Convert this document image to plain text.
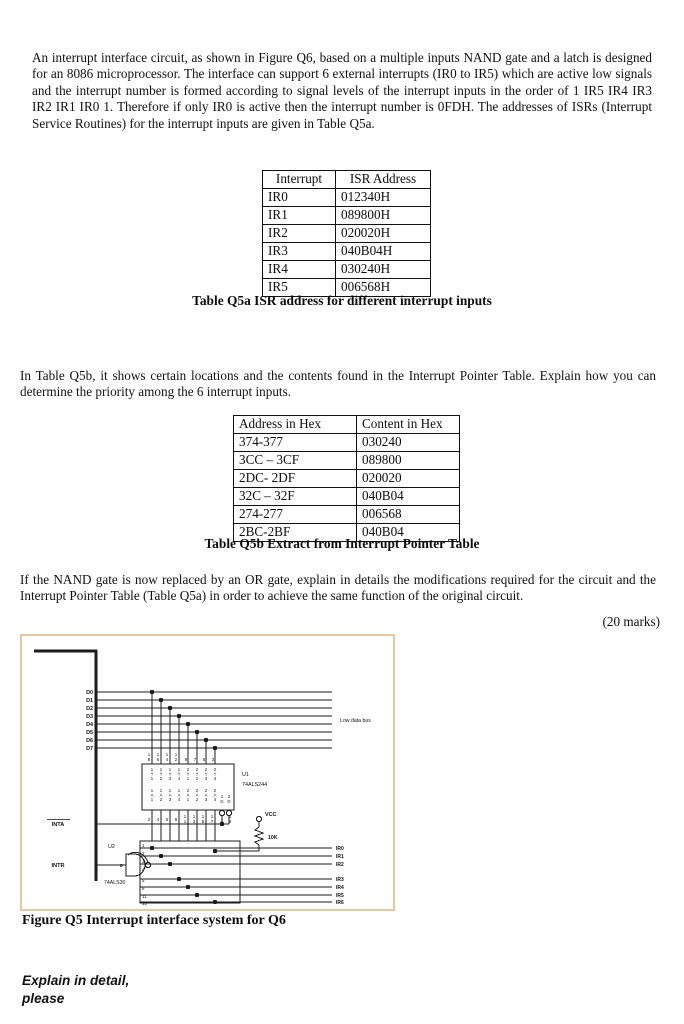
An interrupt interface circuit, as shown in Figure Q6, based on a multiple inputs NAND gate and a latch is designed for an 8086 microprocessor. The interface can support 6 external interrupts (IR0 to IR5) which are active low signals and the interrupt number is formed according to signal levels of the interrupt inputs in the order of 1 IR5 IR4 IR3 IR2 IR1 IR0 1. Therefore if only IR0 is active then the interrupt number is 0FDH. The addresses of ISRs (Interrupt Service Routines) for the interrupt inputs are given in Table Q5a.
Interrupt	ISR Address
IR0	012340H
IR1	089800H
IR2	020020H
IR3	040B04H
IR4	030240H
IR5	006568H
Table Q5a ISR address for different interrupt inputs
In Table Q5b, it shows certain locations and the contents found in the Interrupt Pointer Table. Explain how you can determine the priority among the 6 interrupt inputs.
Address in Hex	Content in Hex
374-377	030240
3CC – 3CF	089800
2DC- 2DF	020020
32C – 32F	040B04
274-277	006568
2BC-2BF	040B04
Table Q5b Extract from Interrupt Pointer Table
If the NAND gate is now replaced by an OR gate, explain in details the modifications required for the circuit and the Interrupt Pointer Table (Table Q5a) in order to achieve the same function of the original circuit.
(20 marks)
D0
D1
D2
D3
D4
D5
D6
D7
Low data bus
1 8
1 6
1 4
1 2 9 7 5 3
1 Y 1
1 Y 2
1 Y 3
1 Y 4
2 Y 1
2 Y 2
2 Y 3
2 Y 4
1 A 1
1 A 2
1 A 3
1 A 4
2 A 1
2 A 2
2 A 3
2 A 4
1 G
2 G
2 4 6 8
1 1
1 3
1 5
1 7 1
1 9
U1
74ALS244
INTA
INTR
VCC
10K
U2
74ALS30
8
1
2
3
4
5
6
11
12
IR0
IR1
IR2
IR3
IR4
IR5
IR6
Figure Q5 Interrupt interface system for Q6
Explain in detail,
please
